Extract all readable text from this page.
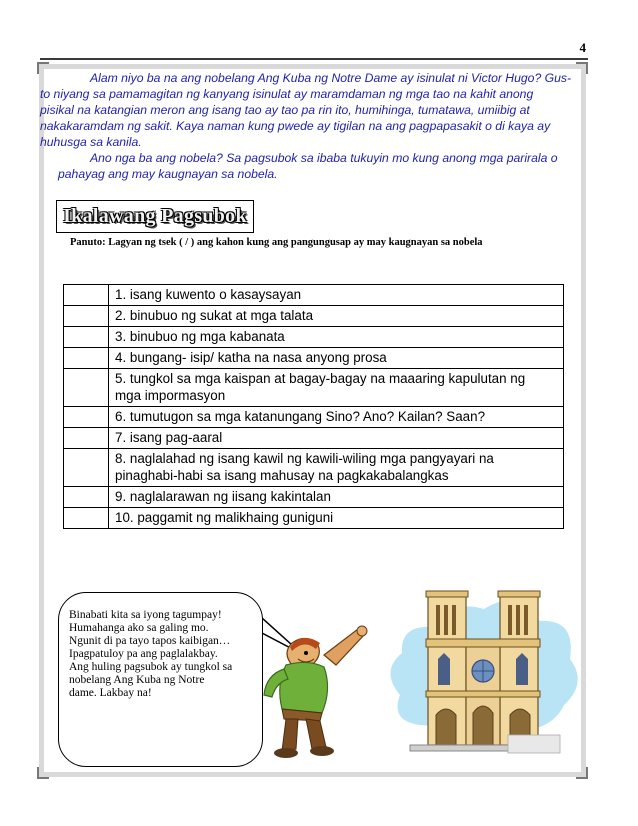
4

Alam niyo ba na ang nobelang Ang Kuba ng Notre Dame ay isinulat ni Victor Hugo? Gus-

to niyang sa pamamagitan ng kanyang isinulat ay maramdaman ng mga tao na kahit anong

pisikal na katangian meron ang isang tao ay tao pa rin ito, humihinga, tumatawa, umiibig at

nakakaramdam ng sakit. Kaya naman kung pwede ay tigilan na ang pagpapasakit o di kaya ay

huhusga sa kanila.

Ano nga ba ang nobela? Sa pagsubok sa ibaba tukuyin mo kung anong mga parirala o

pahayag ang may kaugnayan sa nobela.

Ikalawang Pagsubok
Panuto: Lagyan ng tsek ( / ) ang kahon kung ang pangungusap ay may kaugnayan sa nobela
	1. isang kuwento o kasaysayan
	2. binubuo ng sukat at mga talata
	3. binubuo ng mga kabanata
	4. bungang- isip/ katha na nasa anyong prosa
	5. tungkol sa mga kaispan at bagay-bagay na maaaring kapulutan ng
mga impormasyon
	6. tumutugon sa mga katanungang Sino? Ano? Kailan? Saan?
	7. isang pag-aaral
	8. naglalahad ng isang kawil ng kawili-wiling mga pangyayari na
pinaghabi-habi sa isang mahusay na pagkakabalangkas
	9. naglalarawan ng iisang kakintalan
	10. paggamit ng malikhaing guniguni
Binabati kita sa iyong tagumpay!
Humahanga ako sa galing mo.
Ngunit di pa tayo tapos kaibigan…
Ipagpatuloy pa ang paglalakbay.
Ang huling pagsubok ay tungkol sa
nobelang Ang Kuba ng Notre
dame. Lakbay na!
